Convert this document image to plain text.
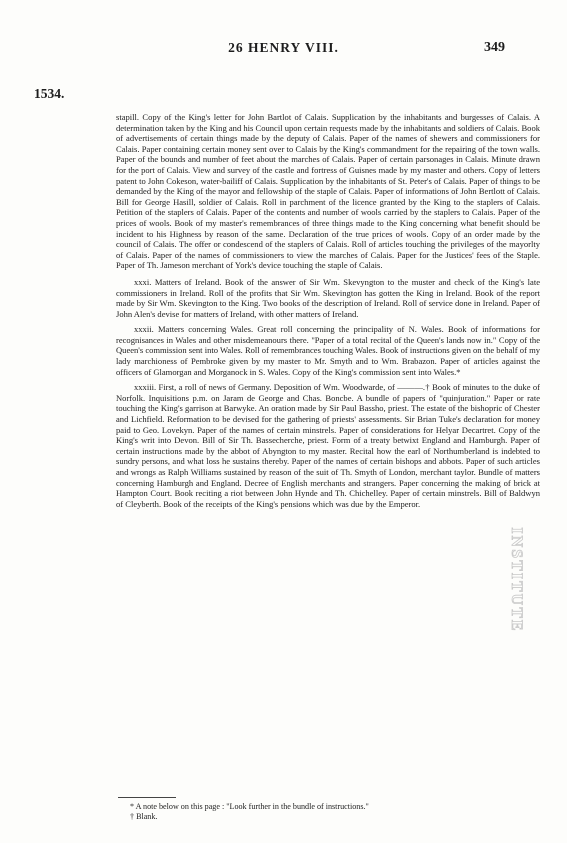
26 HENRY VIII.	349
1534.

stapill. Copy of the King's letter for John Bartlot of Calais. Supplication by the inhabitants and burgesses of Calais. A determination taken by the King and his Council upon certain requests made by the inhabitants and soldiers of Calais. Book of advertisements of certain things made by the deputy of Calais. Paper of the names of shewers and commissioners for Calais. Paper containing certain money sent over to Calais by the King's commandment for the repairing of the town walls. Paper of the bounds and number of feet about the marches of Calais. Paper of certain parsonages in Calais. Minute drawn for the port of Calais. View and survey of the castle and fortress of Guisnes made by my master and others. Copy of letters patent to John Cokeson, water-bailiff of Calais. Supplication by the inhabitants of St. Peter's of Calais. Paper of things to be demanded by the King of the mayor and fellowship of the staple of Calais. Paper of informations of John Bertlott of Calais. Bill for George Hasill, soldier of Calais. Roll in parchment of the licence granted by the King to the staplers of Calais. Petition of the staplers of Calais. Paper of the contents and number of wools carried by the staplers to Calais. Paper of the prices of wools. Book of my master's remembrances of three things made to the King concerning what benefit should be incident to his Highness by reason of the same. Declaration of the true prices of wools. Copy of an order made by the council of Calais. The offer or condescend of the staplers of Calais. Roll of articles touching the privileges of the mayorlty of Calais. Paper of the names of commissioners to view the marches of Calais. Paper for the Justices' fees of the Staple. Paper of Th. Jameson merchant of York's device touching the staple of Calais.

xxxi. Matters of Ireland. Book of the answer of Sir Wm. Skevyngton to the muster and check of the King's late commissioners in Ireland. Roll of the profits that Sir Wm. Skevington has gotten the King in Ireland. Book of the report made by Sir Wm. Skevington to the King. Two books of the description of Ireland. Roll of service done in Ireland. Paper of John Alen's devise for matters of Ireland, with other matters of Ireland.

xxxii. Matters concerning Wales. Great roll concerning the principality of N. Wales. Book of informations for recognisances in Wales and other misdemeanours there. "Paper of a total recital of the Queen's lands now in." Copy of the Queen's commission sent into Wales. Roll of remembrances touching Wales. Book of instructions given on the behalf of my lady marchioness of Pembroke given by my master to Mr. Smyth and to Wm. Brabazon. Paper of articles against the officers of Glamorgan and Morganock in S. Wales. Copy of the King's commission sent into Wales.*

xxxiii. First, a roll of news of Germany. Deposition of Wm. Woodwarde, of ———.† Book of minutes to the duke of Norfolk. Inquisitions p.m. on Jaram de George and Chas. Boncbe. A bundle of papers of "quinjuration." Paper or rate touching the King's garrison at Barwyke. An oration made by Sir Paul Bassho, priest. The estate of the bishopric of Chester and Lichfield. Reformation to be devised for the gathering of priests' assessments. Sir Brian Tuke's declaration for money paid to Geo. Lovekyn. Paper of the names of certain minstrels. Paper of considerations for Helyar Decartret. Copy of the King's writ into Devon. Bill of Sir Th. Bassecherche, priest. Form of a treaty betwixt England and Hamburgh. Paper of certain instructions made by the abbot of Abyngton to my master. Recital how the earl of Northumberland is indebted to sundry persons, and what loss he sustains thereby. Paper of the names of certain bishops and abbots. Paper of such articles and wrongs as Ralph Williams sustained by reason of the suit of Th. Smyth of London, merchant taylor. Bundle of matters concerning Hamburgh and England. Decree of English merchants and strangers. Paper concerning the making of brick at Hampton Court. Book reciting a riot between John Hynde and Th. Chichelley. Paper of certain minstrels. Bill of Baldwyn of Cleyberth. Book of the receipts of the King's pensions which was due by the Emperor.

INSTITUTE
* A note below on this page : "Look further in the bundle of instructions."
† Blank.
